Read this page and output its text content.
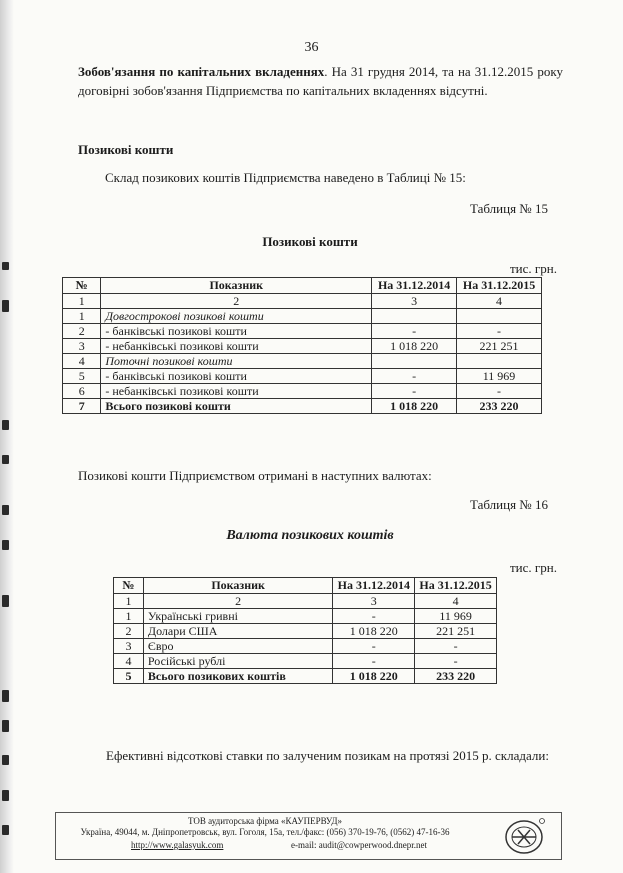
36
Зобов'язання по капітальних вкладеннях. На 31 грудня 2014, та на 31.12.2015 року договірні зобов'язання Підприємства по капітальних вкладеннях відсутні.
Позикові кошти
Склад позикових коштів Підприємства наведено в Таблиці № 15:
Таблиця № 15
Позикові кошти
тис. грн.
№	Показник	На 31.12.2014	На 31.12.2015
1	2	3	4
1	Довгострокові позикові кошти		
2	- банківські позикові кошти	-	-
3	- небанківські позикові кошти	1 018 220	221 251
4	Поточні позикові кошти		
5	- банківські позикові кошти	-	11 969
6	- небанківські позикові кошти	-	-
7	Всього позикові кошти	1 018 220	233 220
Позикові кошти Підприємством отримані в наступних валютах:
Таблиця № 16
Валюта позикових коштів
тис. грн.
№	Показник	На 31.12.2014	На 31.12.2015
1	2	3	4
1	Українські гривні	-	11 969
2	Долари США	1 018 220	221 251
3	Євро	-	-
4	Російські рублі	-	-
5	Всього позикових коштів	1 018 220	233 220
Ефективні відсоткові ставки по залученим позикам на протязі 2015 р. складали:
ТОВ аудиторська фірма «КАУПЕРВУД»
Україна, 49044, м. Дніпропетровськ, вул. Гоголя, 15а, тел./факс: (056) 370-19-76, (0562) 47-16-36
http://www.galasyuk.com	e-mail: audit@cowperwood.dnepr.net
